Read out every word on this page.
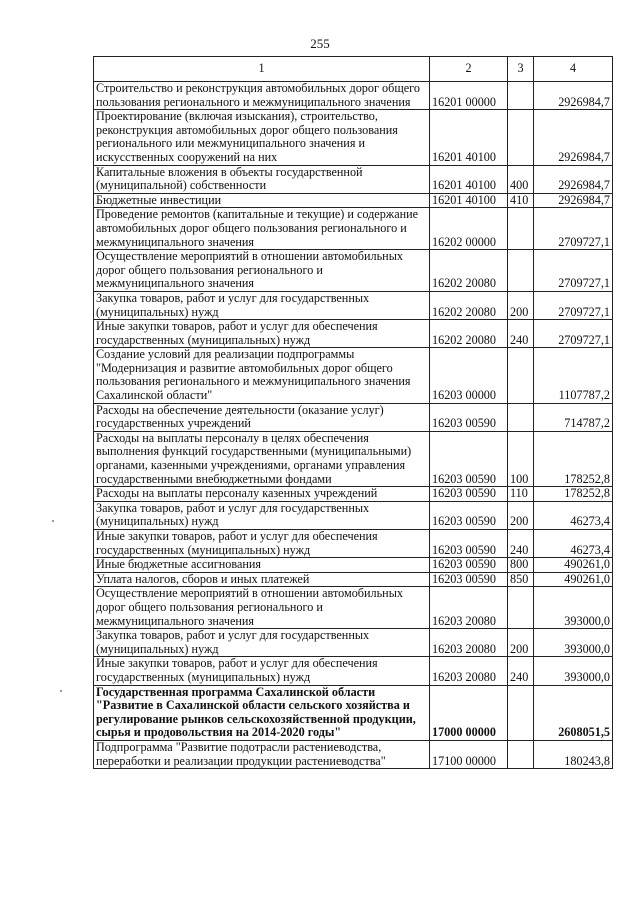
255
1	2	3	4
Строительство и реконструкция автомобильных дорог общего пользования регионального и межмуниципального значения	16201 00000		2926984,7
Проектирование (включая изыскания), строительство, реконструкция автомобильных дорог общего пользования регионального или межмуниципального значения и искусственных сооружений на них	16201 40100		2926984,7
Капитальные вложения в объекты государственной (муниципальной) собственности	16201 40100	400	2926984,7
Бюджетные инвестиции	16201 40100	410	2926984,7
Проведение ремонтов (капитальные и текущие) и содержание автомобильных дорог общего пользования регионального и межмуниципального значения	16202 00000		2709727,1
Осуществление мероприятий в отношении автомобильных дорог общего пользования регионального и межмуниципального значения	16202 20080		2709727,1
Закупка товаров, работ и услуг для государственных (муниципальных) нужд	16202 20080	200	2709727,1
Иные закупки товаров, работ и услуг для обеспечения государственных (муниципальных) нужд	16202 20080	240	2709727,1
Создание условий для реализации подпрограммы "Модернизация и развитие автомобильных дорог общего пользования регионального и межмуниципального значения Сахалинской области"	16203 00000		1107787,2
Расходы на обеспечение деятельности (оказание услуг) государственных учреждений	16203 00590		714787,2
Расходы на выплаты персоналу в целях обеспечения выполнения функций государственными (муниципальными) органами, казенными учреждениями, органами управления государственными внебюджетными фондами	16203 00590	100	178252,8
Расходы на выплаты персоналу казенных учреждений	16203 00590	110	178252,8
Закупка товаров, работ и услуг для государственных (муниципальных) нужд	16203 00590	200	46273,4
Иные закупки товаров, работ и услуг для обеспечения государственных (муниципальных) нужд	16203 00590	240	46273,4
Иные бюджетные ассигнования	16203 00590	800	490261,0
Уплата налогов, сборов и иных платежей	16203 00590	850	490261,0
Осуществление мероприятий в отношении автомобильных дорог общего пользования регионального и межмуниципального значения	16203 20080		393000,0
Закупка товаров, работ и услуг для государственных (муниципальных) нужд	16203 20080	200	393000,0
Иные закупки товаров, работ и услуг для обеспечения государственных (муниципальных) нужд	16203 20080	240	393000,0
Государственная программа Сахалинской области "Развитие в Сахалинской области сельского хозяйства и регулирование рынков сельскохозяйственной продукции, сырья и продовольствия на 2014-2020 годы"	17000 00000		2608051,5
Подпрограмма "Развитие подотрасли растениеводства, переработки и реализации продукции растениеводства"	17100 00000		180243,8
